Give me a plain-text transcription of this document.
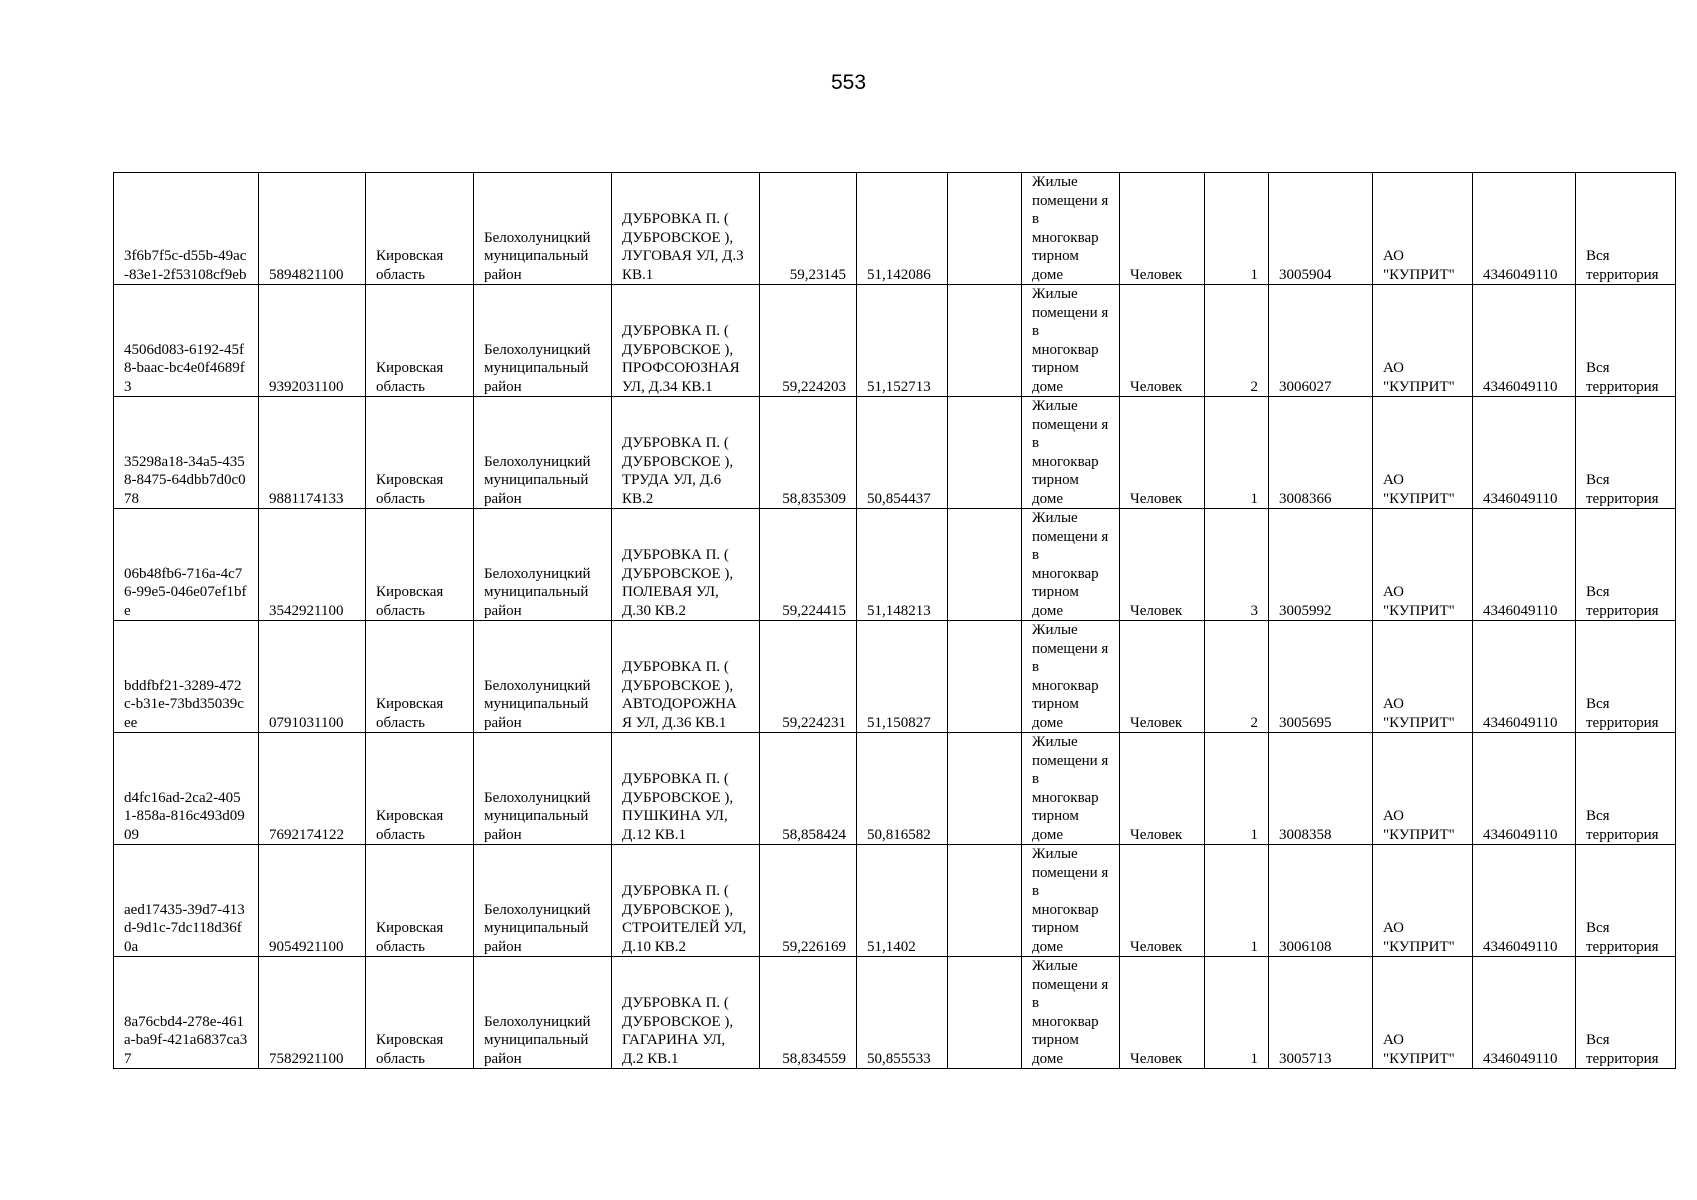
553
3f6b7f5c-d55b-49ac-83e1-2f53108cf9eb	5894821100	Кировская область	Белохолуницкий муниципальный район	ДУБРОВКА П. ( ДУБРОВСКОЕ ), ЛУГОВАЯ УЛ, Д.3 КВ.1	59,23145	51,142086		Жилые помещени я в многоквар тирном доме	Человек	1	3005904	АО "КУПРИТ"	4346049110	Вся территория
4506d083-6192-45f8-baac-bc4e0f4689f3	9392031100	Кировская область	Белохолуницкий муниципальный район	ДУБРОВКА П. ( ДУБРОВСКОЕ ), ПРОФСОЮЗНАЯ УЛ, Д.34 КВ.1	59,224203	51,152713		Жилые помещени я в многоквар тирном доме	Человек	2	3006027	АО "КУПРИТ"	4346049110	Вся территория
35298a18-34a5-4358-8475-64dbb7d0c078	9881174133	Кировская область	Белохолуницкий муниципальный район	ДУБРОВКА П. ( ДУБРОВСКОЕ ), ТРУДА УЛ, Д.6 КВ.2	58,835309	50,854437		Жилые помещени я в многоквар тирном доме	Человек	1	3008366	АО "КУПРИТ"	4346049110	Вся территория
06b48fb6-716a-4c76-99e5-046e07ef1bfe	3542921100	Кировская область	Белохолуницкий муниципальный район	ДУБРОВКА П. ( ДУБРОВСКОЕ ), ПОЛЕВАЯ УЛ, Д.30 КВ.2	59,224415	51,148213		Жилые помещени я в многоквар тирном доме	Человек	3	3005992	АО "КУПРИТ"	4346049110	Вся территория
bddfbf21-3289-472c-b31e-73bd35039cee	0791031100	Кировская область	Белохолуницкий муниципальный район	ДУБРОВКА П. ( ДУБРОВСКОЕ ), АВТОДОРОЖНА Я УЛ, Д.36 КВ.1	59,224231	51,150827		Жилые помещени я в многоквар тирном доме	Человек	2	3005695	АО "КУПРИТ"	4346049110	Вся территория
d4fc16ad-2ca2-4051-858a-816c493d0909	7692174122	Кировская область	Белохолуницкий муниципальный район	ДУБРОВКА П. ( ДУБРОВСКОЕ ), ПУШКИНА УЛ, Д.12 КВ.1	58,858424	50,816582		Жилые помещени я в многоквар тирном доме	Человек	1	3008358	АО "КУПРИТ"	4346049110	Вся территория
aed17435-39d7-413d-9d1c-7dc118d36f0a	9054921100	Кировская область	Белохолуницкий муниципальный район	ДУБРОВКА П. ( ДУБРОВСКОЕ ), СТРОИТЕЛЕЙ УЛ, Д.10 КВ.2	59,226169	51,1402		Жилые помещени я в многоквар тирном доме	Человек	1	3006108	АО "КУПРИТ"	4346049110	Вся территория
8a76cbd4-278e-461a-ba9f-421a6837ca37	7582921100	Кировская область	Белохолуницкий муниципальный район	ДУБРОВКА П. ( ДУБРОВСКОЕ ), ГАГАРИНА УЛ, Д.2 КВ.1	58,834559	50,855533		Жилые помещени я в многоквар тирном доме	Человек	1	3005713	АО "КУПРИТ"	4346049110	Вся территория
